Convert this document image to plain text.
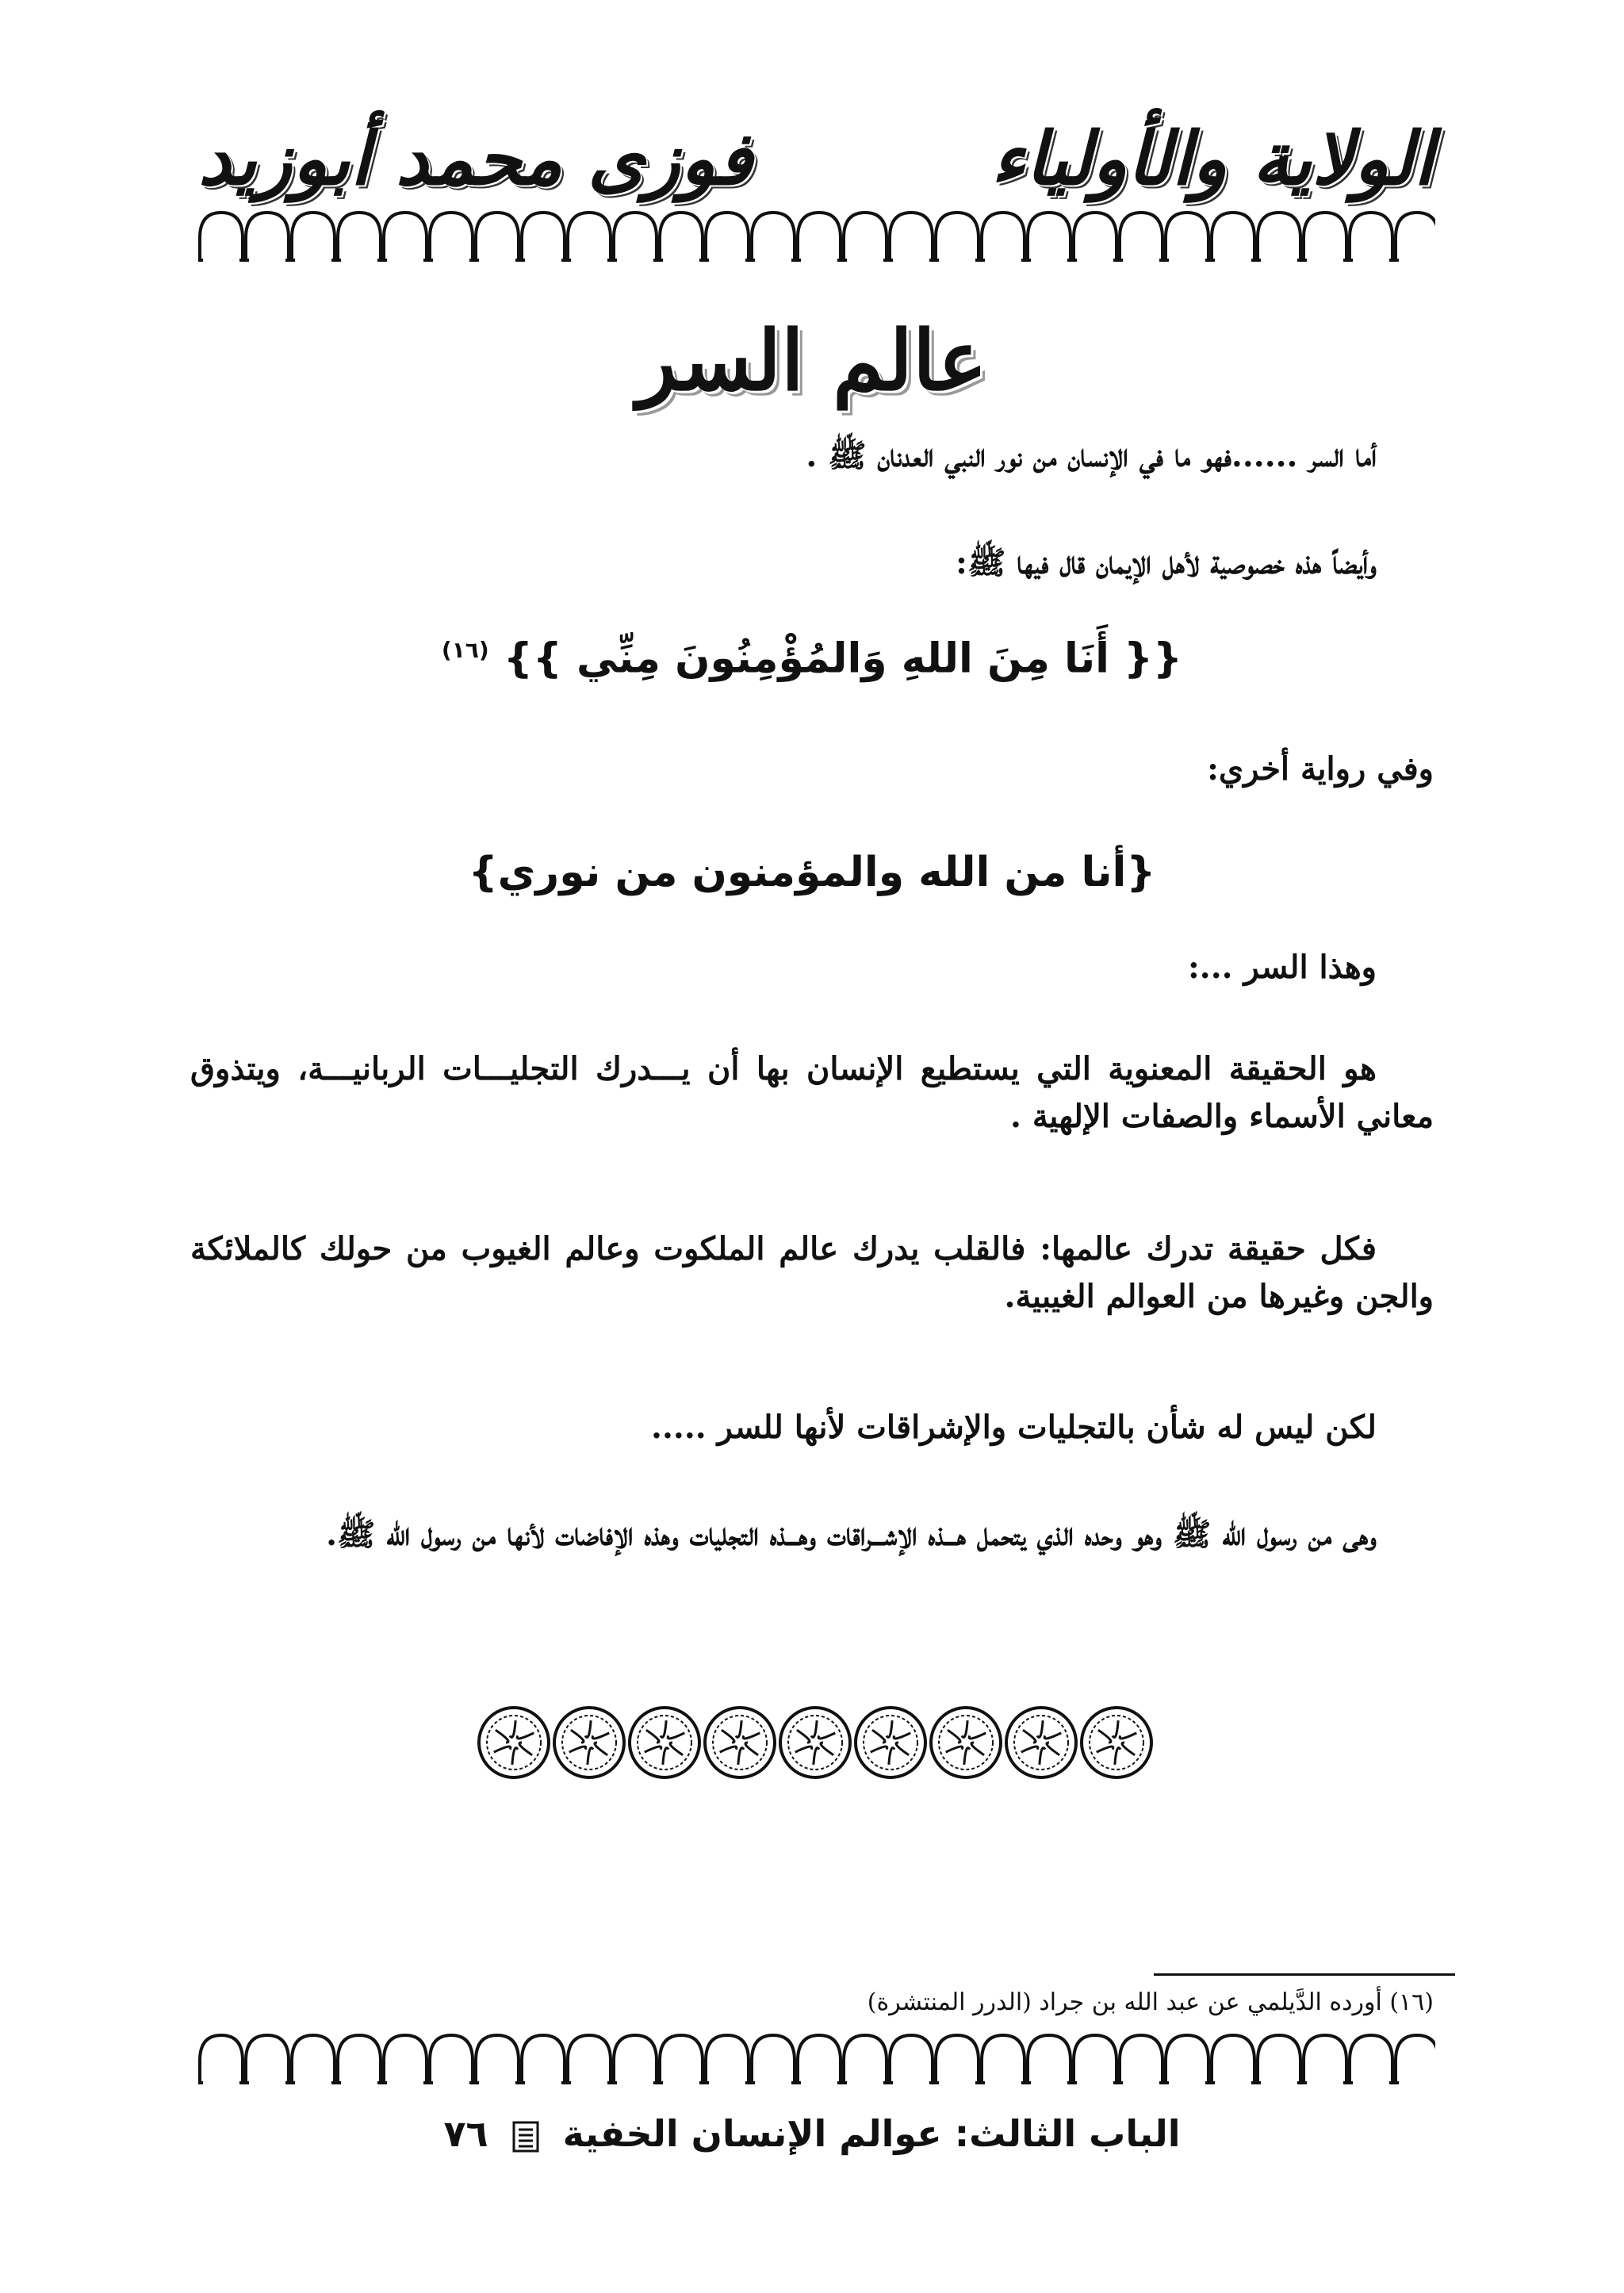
الولاية والأولياء
فوزى محمد أبوزيد
عالم السر
أما السر ......فهو ما في الإنسان من نور النبي العدنان ﷺ .
وأيضاً هذه خصوصية لأهل الإيمان قال فيها ﷺ:
{{ أَنَا مِنَ اللهِ وَالمُؤْمِنُونَ مِنِّي }} $^{(١٦)}$
وفي رواية أخري:
{أنا من الله والمؤمنون من نوري}
وهذا السر ...:
هو الحقيقة المعنوية التي يستطيع الإنسان بها أن يـــدرك التجليـــات الربانيـــة، ويتذوق معاني الأسماء والصفات الإلهية .
فكل حقيقة تدرك عالمها: فالقلب يدرك عالم الملكوت وعالم الغيوب من حولك كالملائكة والجن وغيرها من العوالم الغيبية.
لكن ليس له شأن بالتجليات والإشراقات لأنها للسر .....
وهى من رسول الله ﷺ وهو وحده الذي يتحمل هـــذه الإشـــراقات وهـــذه التجليات وهذه الإفاضات لأنها من رسول الله ﷺ.
(١٦) أورده الدَّيلمي عن عبد الله بن جراد (الدرر المنتشرة)
الباب الثالث: عوالم الإنسان الخفية  ٧٦
